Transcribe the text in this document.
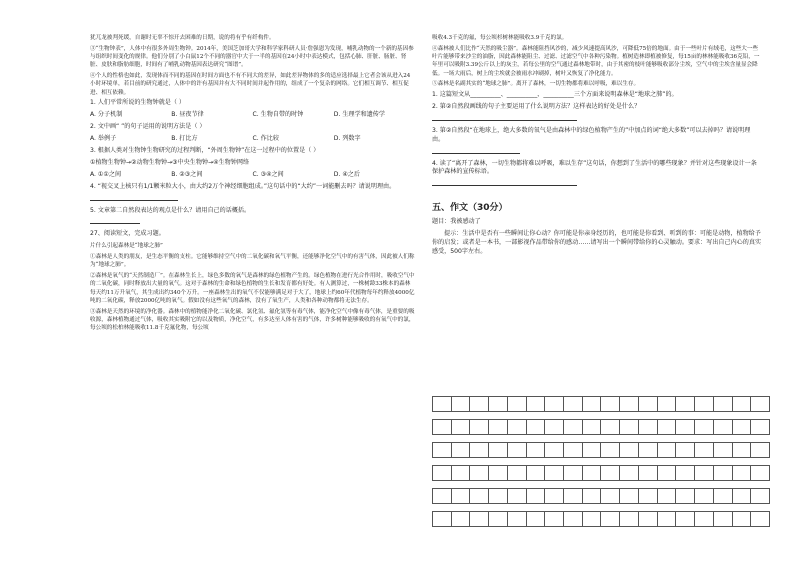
犹兀龙被判死缓，自谢时无辜不惊开去困难的日期，说的将有乎有纤构件。

③“生物钟表”，人体中有很多外周生物钟。2014年，美国芝加哥大学和科学家科研人员·詹强恩为发现，哺乳动物的一个新的基因参与组织时间变化的规律。他们分别了小白鼠12个不同的器官中大于一半的基因在24小时中表达模式，包括心肺、肝脏、肠脏、肾脏、皮肤和脂肪细胞，时间有了哺乳动物基因表达研究“图谱”。

④个人的性格也如此，发现体而不同的基因在时间方面也不有不同大的差异，如此差异物体的多的适应选择最上它者会该从进入24小时环境单，若目前的研究通过，人体中的许有基因并有大不同时间并起作用的，组成了一个复杂的网络。它们相互调节、相互促进、相互依赖。

1. 人们平常所说的生物钟就是（ ）

A. 分子机制	B. 昼夜节律	C. 生物自带的时钟	D. 生理学和遗传学

2. 文中画“ ”的句子运用的说明方法是（ ）

A. 举例子	B. 打比方	C. 作比较	D. 列数字

3. 根据人类对生物钟生物研究的过程判断，“外周生物钟”在这一过程中的位置是（ ）

①植物生物钟→②动物生物钟→③中央生物钟→④生物钟网络

A. ①①之间	B. ②③之间	C. ③④之间	D. ④之后

4. “视交叉上核只有1/1颗米粒大小，由大约2万个神经细胞组成。”这句话中的“大约”一词能删去吗？请说明理由。

5. 文章第二自然段表达的观点是什么？请用自己的话概括。

27、阅读短文，完成习题。

片什么引起森林是“地球之肺”

①森林是人类的朋友，是生态平衡的支柱。它能够维持空气中的二氧化碳和氧气平衡，还能够净化空气中的有害气体，因此被人们称为“地球之肺”。

②森林是氧气的“天然制造厂”。在森林生长上，绿色多数的氧气是森林的绿色植物产生的。绿色植物在进行光合作用时，吸收空气中的二氧化碳，同时释放出大量的氧气。这对于森林的生命和绿色植物的生长和发育都有好处。有人测算过，一株树龄33株本的森林每天约11万升氧气，其生成出约340个万升。一座森林生出的氧气不仅能够满足对于大了，地球上约60年代植物每年约释放4000亿吨的二氧化碳，释放2000亿吨的氧气。假如没有这些氧气的森林，没有了氧生产，人类和各种动物都将无法生存。

③森林是天然的环境的净化器。森林中的植物能净化二氧化碳、氯化氢、氟化氢等有毒气体，能净化空气中像有毒气体，是重要的吸收源，森林植物通过气体，吸收其实吸附它的以及物质，净化空气，有多达至人体有害的气体，许多树种能够吸收的有氧气中的氯，每公顷的松柏林能吸收11.8千克氟化物，每公顷

吸收4.3千克的氟，每公顷杉树林能吸收3.9千克的氯。

④森林被人们比作“天然的吸尘器”。森林能阻挡风沙的，减少风速提高风沙，可降低75倍的地面。由于一些叶片有绒毛，这些大一些叶片能够带来沙尘的油脂，因此森林能阻尘、过滤、过滤空气中各种污染物。植树造林即植被修复，每15亩的林林能吸收36克铅，一年里可以吸附3.39公斤以上的灰尘，若每公里的空气通过森林地带时，由于其密的枝叶能够吸收部分尘埃，空气中的尘埃含量显会降低。一场大雨后，树上的尘埃就会被雨水冲刷掉，树叶又恢复了净化能力。

⑤森林是名副其实的“地球之肺”。离开了森林，一切生物都将难以呼吸，难以生存。

1. 这篇短文从__________、__________、__________三个方面来说明森林是“地球之肺”的。

2. 第②自然段画线的句子主要运用了什么说明方法？这样表达的好处是什么？

3. 第②自然段“在地球上，绝大多数的氧气是由森林中的绿色植物产生的”中加点的词“绝大多数”可以去掉吗？请说明理由。

4. 读了“离开了森林，一切生物都将难以呼吸，难以生存”这句话，你想到了生活中的哪些现象？并针对这些现象设计一条保护森林的宣传标语。

五、作文（30分）

题目：我被感动了

提示：生活中是否有一些瞬间让你心动？你可能是你亲身经历的，也可能是你看到、听到的事：可能是动物，植物给予你的启发；或者是一本书，一部影视作品带给你的感动……请写出一个瞬间带给你的心灵触动。要求：写出自己内心的真实感受，500字左右。
